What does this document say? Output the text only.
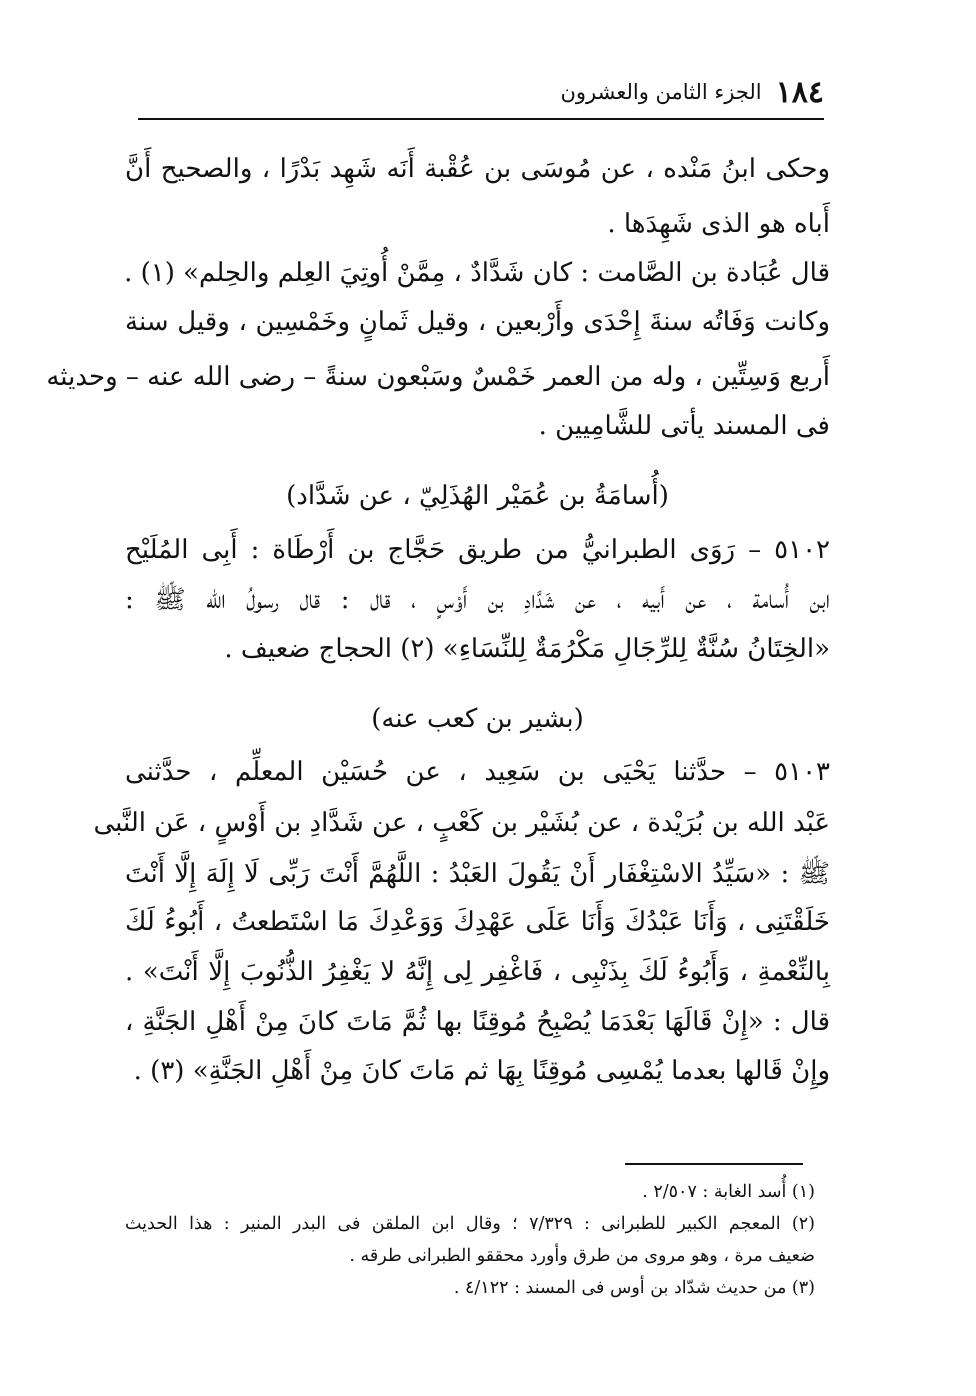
١٨٤
الجزء الثامن والعشرون
وحكى ابنُ مَنْده ، عن مُوسَى بن عُقْبة أَنَه شَهِد بَدْرًا ، والصحيح أَنَّ
أَباه هو الذى شَهِدَها .
قال عُبَادة بن الصَّامت : كان شَدَّادٌ ، مِمَّنْ أُوتِيَ العِلم والحِلم» (١) .
وكانت وَفَاتُه سنةَ إِحْدَى وأَرْبعين ، وقيل ثَمانٍ وخَمْسِين ، وقيل سنة
أَربع وَسِتِّين ، وله من العمر خَمْسٌ وسَبْعون سنةً – رضى الله عنه – وحديثه
فى المسند يأتى للشَّامِيين .
(أُسامَةُ بن عُمَيْر الهُذَلِيّ ، عن شَدَّاد)
٥١٠٢ – رَوَى الطبرانيُّ من طريق حَجَّاج بن أَرْطَاة : أَبِى المُلَيْح
ابن أُسامة ، عن أَبيه ، عن شَدَّادِ بن أَوْسٍ ، قال : قال رسولُ الله ﷺ :
«الخِتَانُ سُنَّةٌ لِلرِّجَالِ مَكْرُمَةٌ لِلنِّسَاءِ» (٢) الحجاج ضعيف .
(بشير بن كعب عنه)
٥١٠٣ – حدَّثنا يَحْيَى بن سَعِيد ، عن حُسَيْن المعلِّم ، حدَّثنى
عَبْد الله بن بُرَيْدة ، عن بُشَيْر بن كَعْبٍ ، عن شَدَّادِ بن أَوْسٍ ، عَن النَّبى
ﷺ : «سَيِّدُ الاسْتِغْفَار أَنْ يَقُولَ العَبْدُ : اللَّهُمَّ أَنْتَ رَبِّى لَا إِلَهَ إِلَّا أَنْتَ
خَلَقْتَنِى ، وَأَنَا عَبْدُكَ وَأَنَا عَلَى عَهْدِكَ وَوَعْدِكَ مَا اسْتَطعتُ ، أَبُوءُ لَكَ
بِالنِّعْمةِ ، وَأَبُوءُ لَكَ بِذَنْبِى ، فَاغْفِر لِى إِنَّهُ لا يَغْفِرُ الذُّنُوبَ إِلَّا أَنْتَ» .
قال : «إِنْ قَالَهَا بَعْدَمَا يُصْبِحُ مُوقِنًا بها ثُمَّ مَاتَ كانَ مِنْ أَهْلِ الجَنَّةِ ،
وإِنْ قَالها بعدما يُمْسِى مُوقِنًا بِهَا ثم مَاتَ كانَ مِنْ أَهْلِ الجَنَّةِ» (٣) .
(١) أُسد الغابة : ٢/٥٠٧ .
(٢) المعجم الكبير للطبرانى : ٧/٣٢٩ ؛ وقال ابن الملقن فى البدر المنير : هذا الحديث
ضعيف مرة ، وهو مروى من طرق وأورد محققو الطبرانى طرقه .
(٣) من حديث شدّاد بن أوس فى المسند : ٤/١٢٢ .
